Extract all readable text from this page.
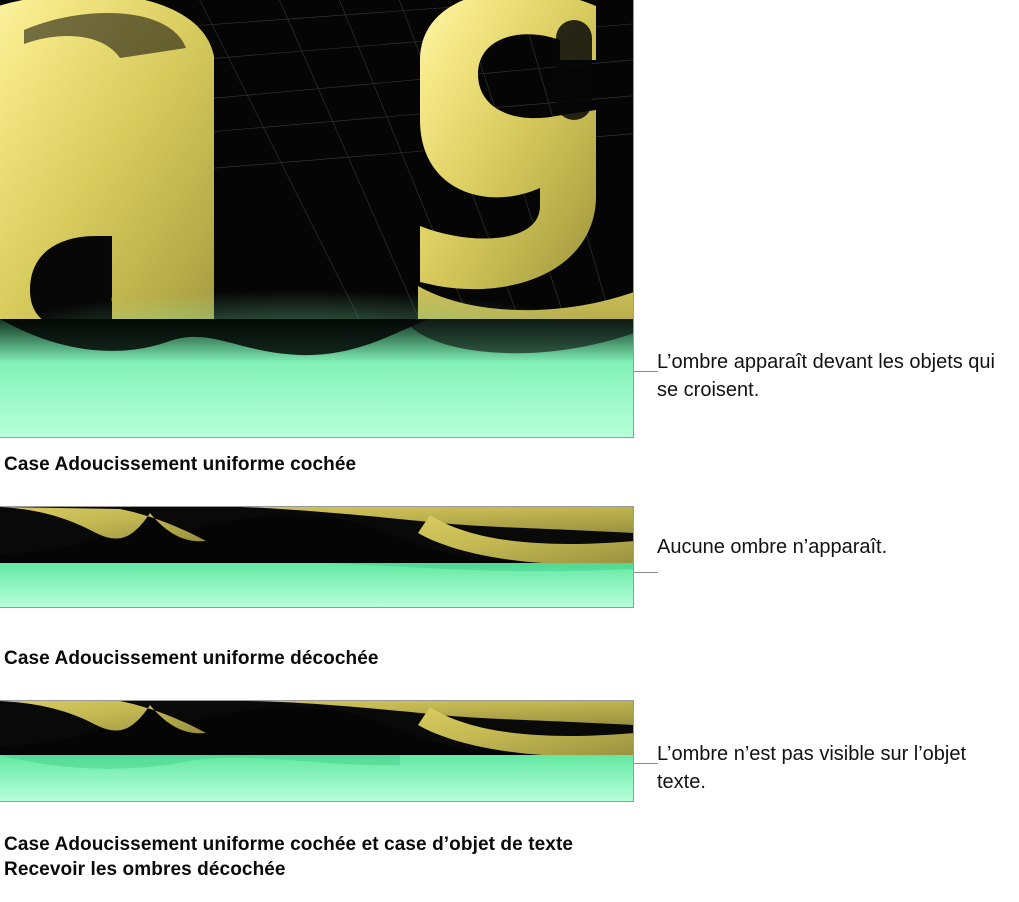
Case Adoucissement uniforme cochée
L’ombre apparaît devant les objets qui se croisent.
Case Adoucissement uniforme décochée
Aucune ombre n’apparaît.
Case Adoucissement uniforme cochée et case d’objet de texte Recevoir les ombres décochée
L’ombre n’est pas visible sur l’objet texte.
